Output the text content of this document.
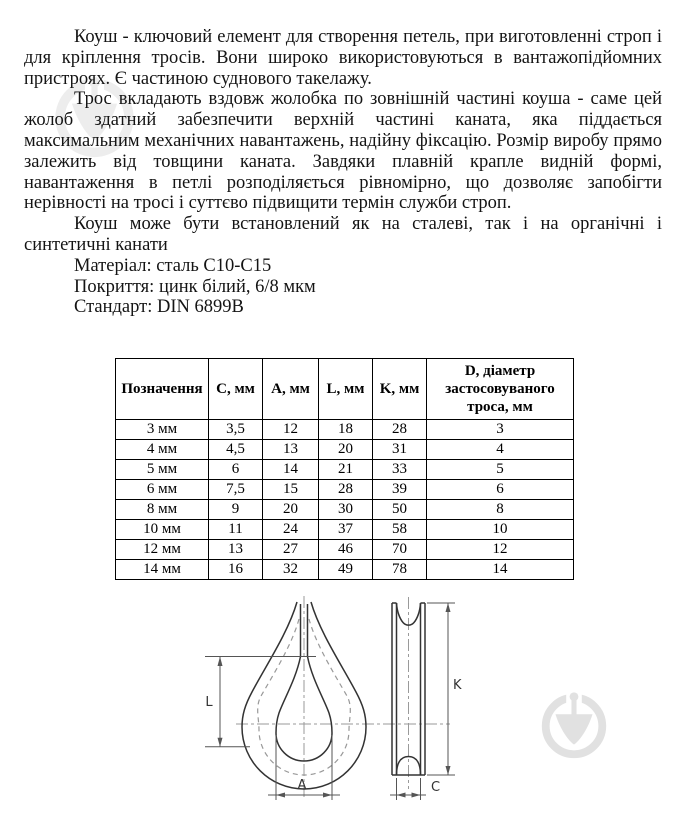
Коуш - ключовий елемент для створення петель, при виготовленні строп і для кріплення тросів. Вони широко використовуються в вантажопідйомних пристроях. Є частиною суднового такелажу.

Трос вкладають вздовж жолобка по зовнішній частині коуша - саме цей жолоб здатний забезпечити верхній частині каната, яка піддається максимальним механічних навантажень, надійну фіксацію. Розмір виробу прямо залежить від товщини каната. Завдяки плавній крапле видній формі, навантаження в петлі розподіляється рівномірно, що дозволяє запобігти нерівності на тросі і суттєво підвищити термін служби строп.

Коуш може бути встановлений як на сталеві, так і на органічні і синтетичні канати

Матеріал: сталь C10-C15

Покриття: цинк білий, 6/8 мкм

Стандарт: DIN 6899B

Позначення	C, мм	A, мм	L, мм	K, мм	D, діаметр застосовуваного троса, мм
3 мм	3,5	12	18	28	3
4 мм	4,5	13	20	31	4
5 мм	6	14	21	33	5
6 мм	7,5	15	28	39	6
8 мм	9	20	30	50	8
10 мм	11	24	37	58	10
12 мм	13	27	46	70	12
14 мм	16	32	49	78	14
L
A
K
C
